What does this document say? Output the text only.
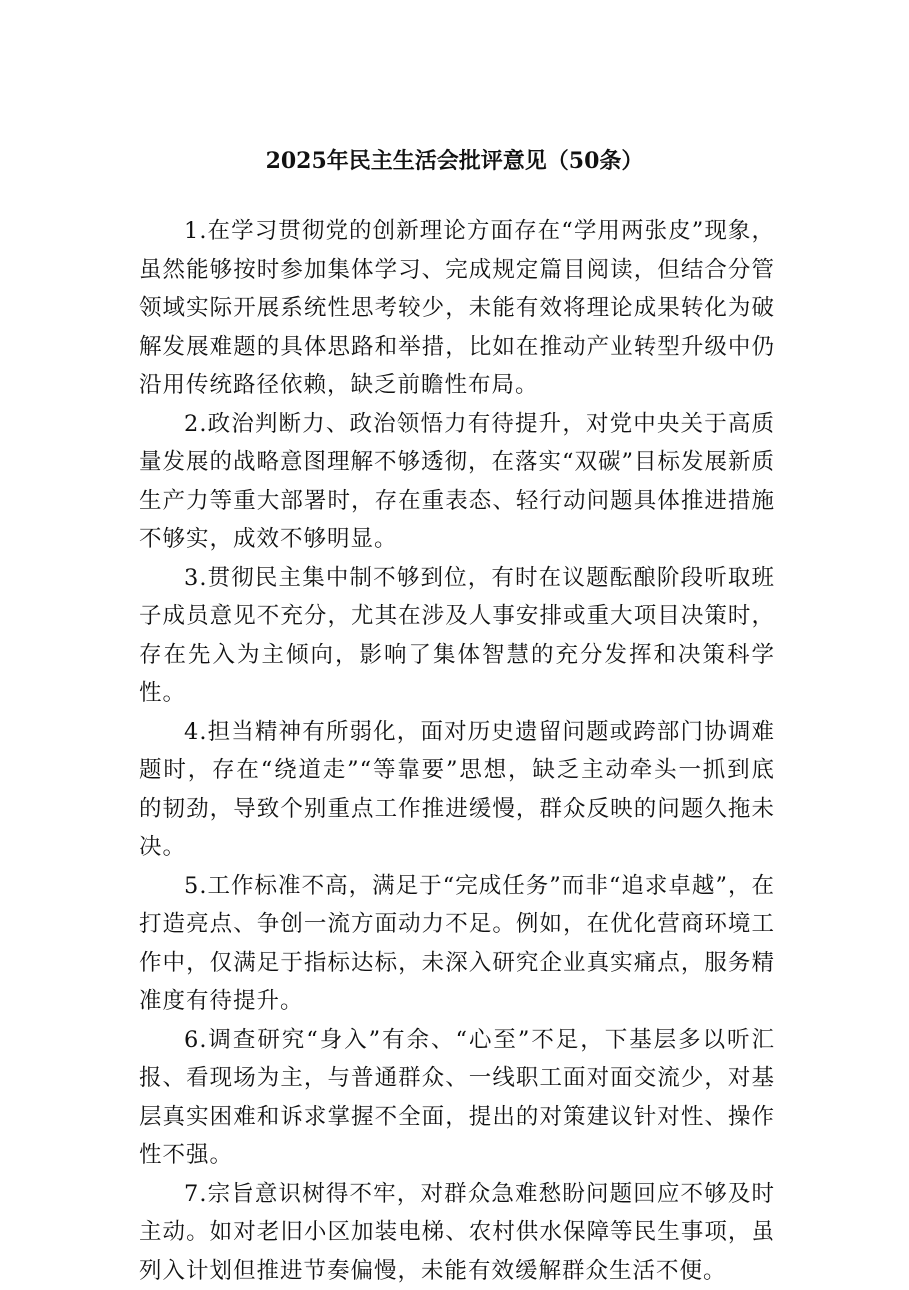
2025年民主生活会批评意见（50条）

1.在学习贯彻党的创新理论方面存在“学用两张皮”现象，虽然能够按时参加集体学习、完成规定篇目阅读，但结合分管领域实际开展系统性思考较少，未能有效将理论成果转化为破解发展难题的具体思路和举措，比如在推动产业转型升级中仍沿用传统路径依赖，缺乏前瞻性布局。

2.政治判断力、政治领悟力有待提升，对党中央关于高质量发展的战略意图理解不够透彻，在落实“双碳”目标发展新质生产力等重大部署时，存在重表态、轻行动问题具体推进措施不够实，成效不够明显。

3.贯彻民主集中制不够到位，有时在议题酝酿阶段听取班子成员意见不充分，尤其在涉及人事安排或重大项目决策时，存在先入为主倾向，影响了集体智慧的充分发挥和决策科学性。

4.担当精神有所弱化，面对历史遗留问题或跨部门协调难题时，存在“绕道走”“等靠要”思想，缺乏主动牵头一抓到底的韧劲，导致个别重点工作推进缓慢，群众反映的问题久拖未决。

5.工作标准不高，满足于“完成任务”而非“追求卓越”，在打造亮点、争创一流方面动力不足。例如，在优化营商环境工作中，仅满足于指标达标，未深入研究企业真实痛点，服务精准度有待提升。

6.调查研究“身入”有余、“心至”不足，下基层多以听汇报、看现场为主，与普通群众、一线职工面对面交流少，对基层真实困难和诉求掌握不全面，提出的对策建议针对性、操作性不强。

7.宗旨意识树得不牢，对群众急难愁盼问题回应不够及时主动。如对老旧小区加装电梯、农村供水保障等民生事项，虽列入计划但推进节奏偏慢，未能有效缓解群众生活不便。
